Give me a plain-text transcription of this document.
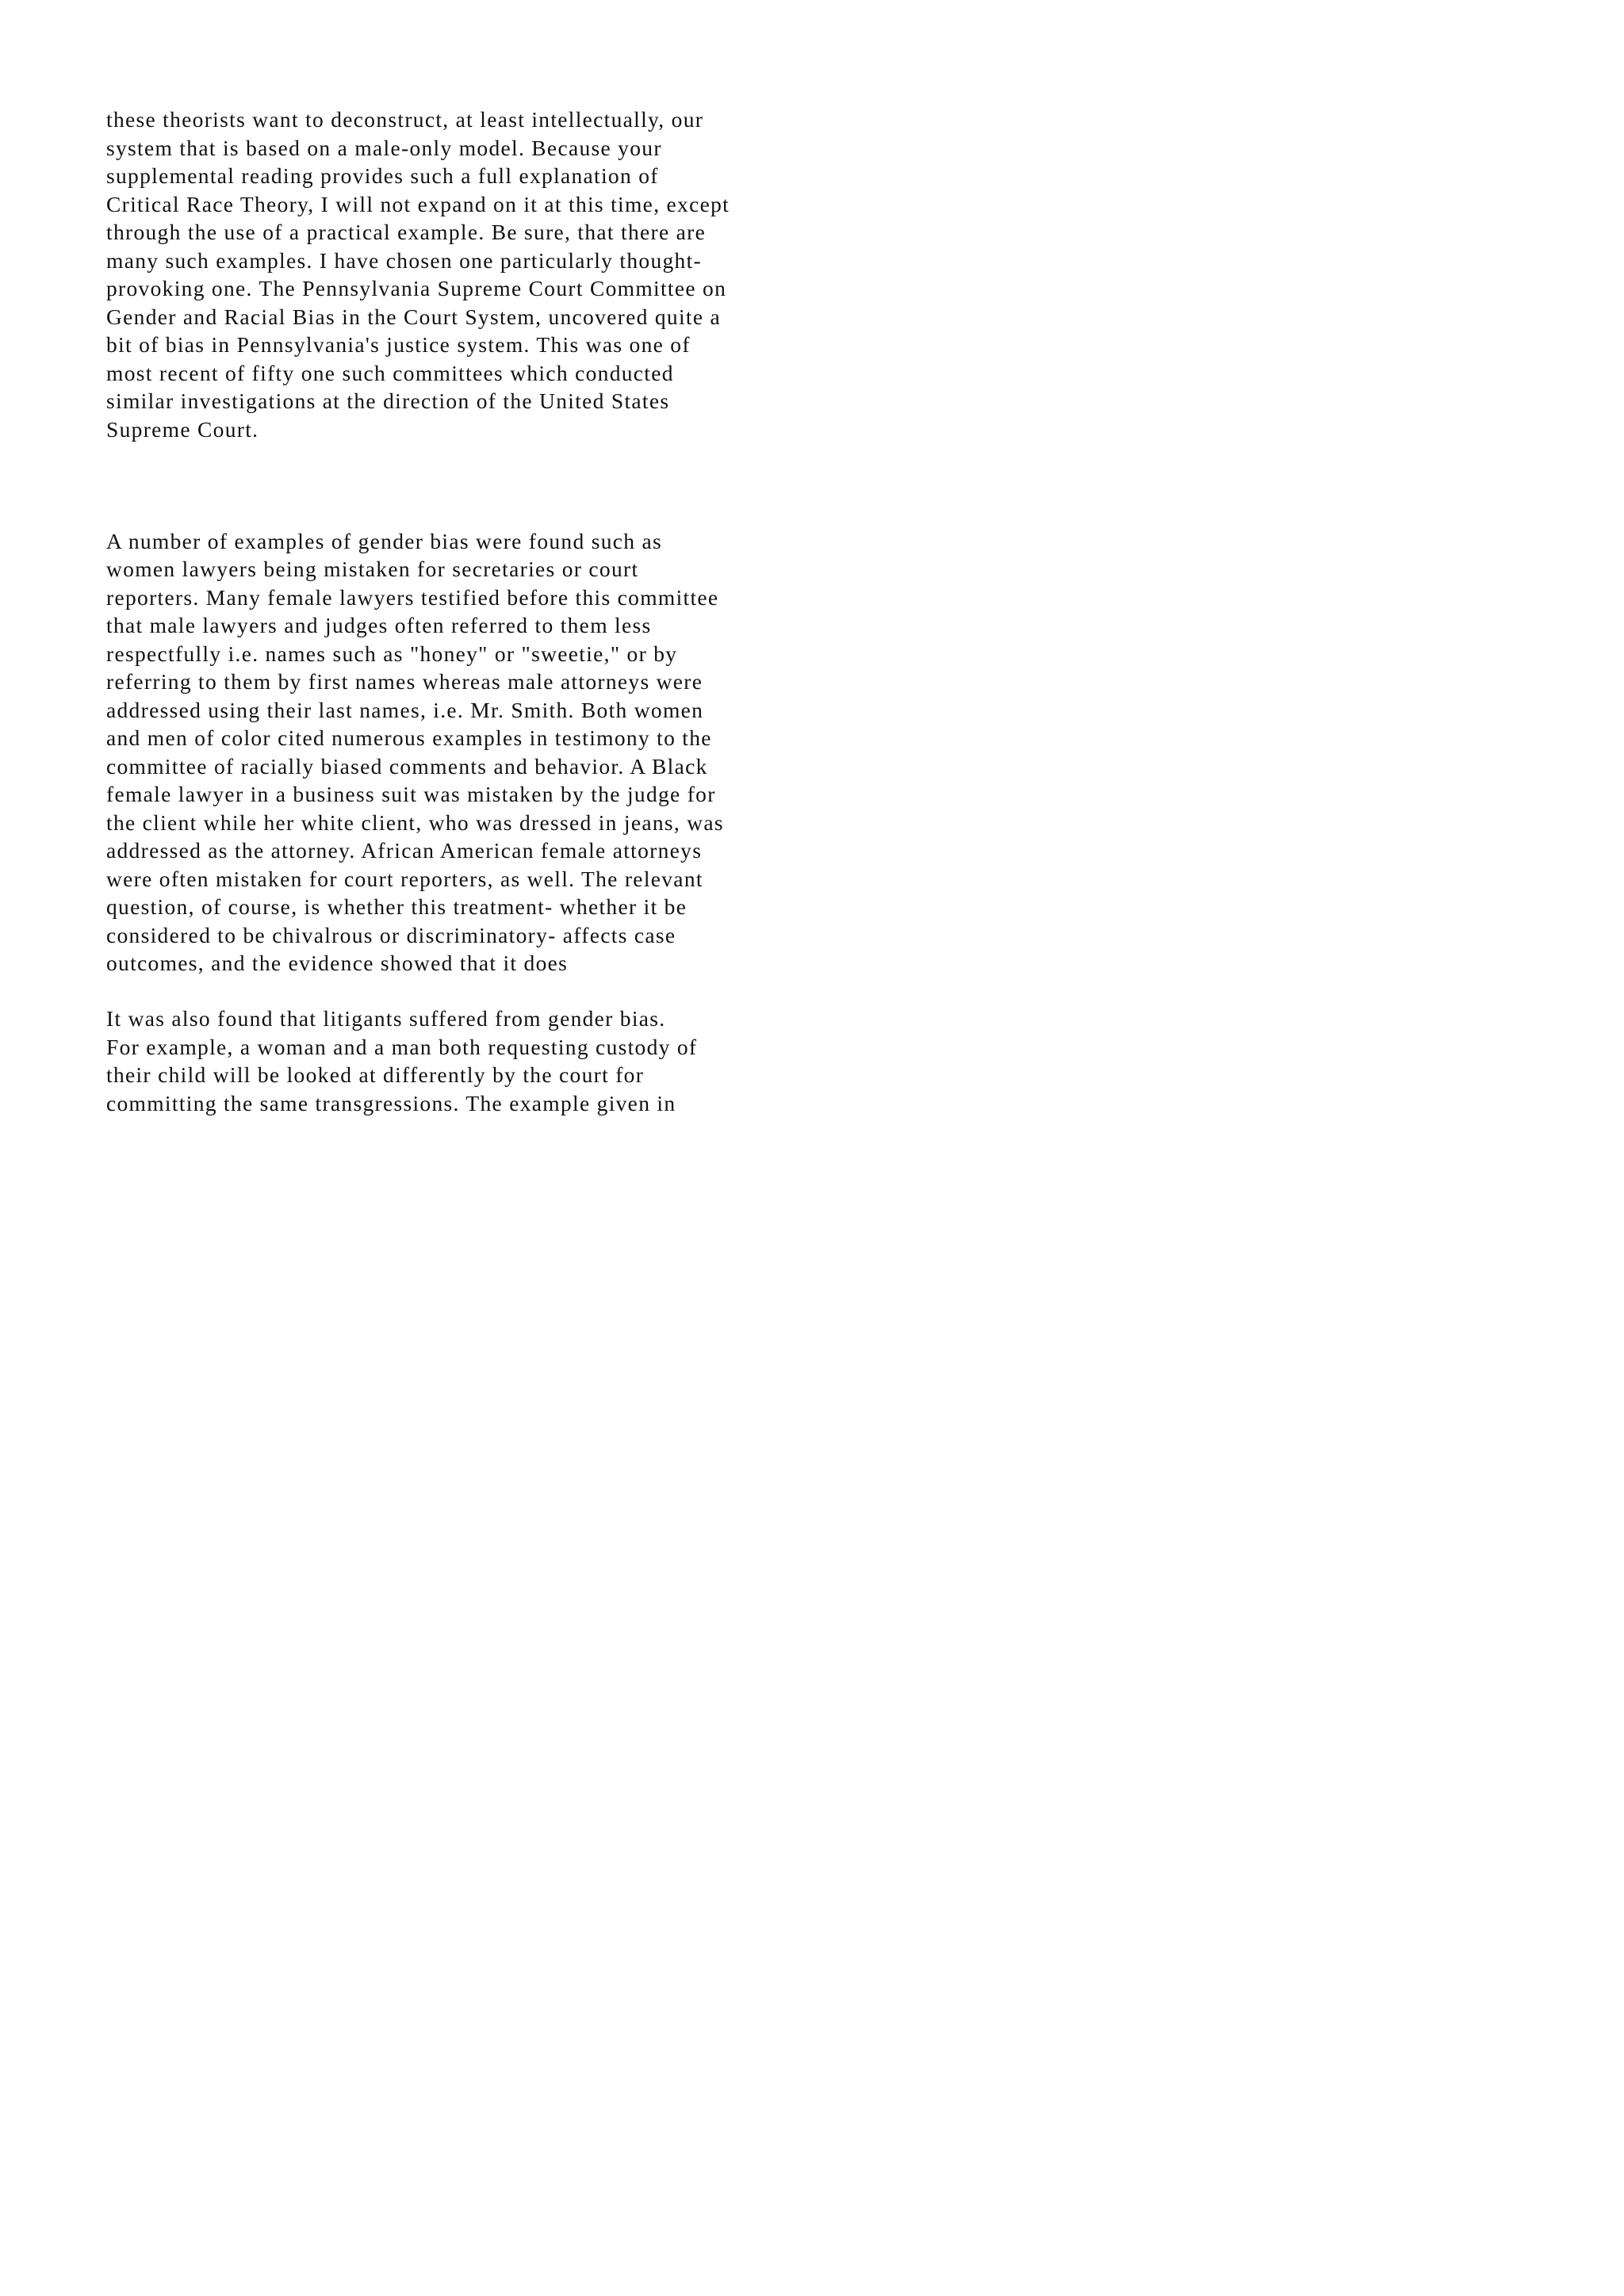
these theorists want to deconstruct, at least intellectually, our

system that is based on a male-only model. Because your

supplemental reading provides such a full explanation of

Critical Race Theory, I will not expand on it at this time, except

through the use of a practical example. Be sure, that there are

many such examples. I have chosen one particularly thought-

provoking one. The Pennsylvania Supreme Court Committee on

Gender and Racial Bias in the Court System, uncovered quite a

bit of bias in Pennsylvania's justice system. This was one of

most recent of fifty one such committees which conducted

similar investigations at the direction of the United States

Supreme Court.

A number of examples of gender bias were found such as

women lawyers being mistaken for secretaries or court

reporters. Many female lawyers testified before this committee

that male lawyers and judges often referred to them less

respectfully i.e. names such as "honey" or "sweetie," or by

referring to them by first names whereas male attorneys were

addressed using their last names, i.e. Mr. Smith. Both women

and men of color cited numerous examples in testimony to the

committee of racially biased comments and behavior. A Black

female lawyer in a business suit was mistaken by the judge for

the client while her white client, who was dressed in jeans, was

addressed as the attorney. African American female attorneys

were often mistaken for court reporters, as well. The relevant

question, of course, is whether this treatment- whether it be

considered to be chivalrous or discriminatory- affects case

outcomes, and the evidence showed that it does

It was also found that litigants suffered from gender bias.

For example, a woman and a man both requesting custody of

their child will be looked at differently by the court for

committing the same transgressions. The example given in
